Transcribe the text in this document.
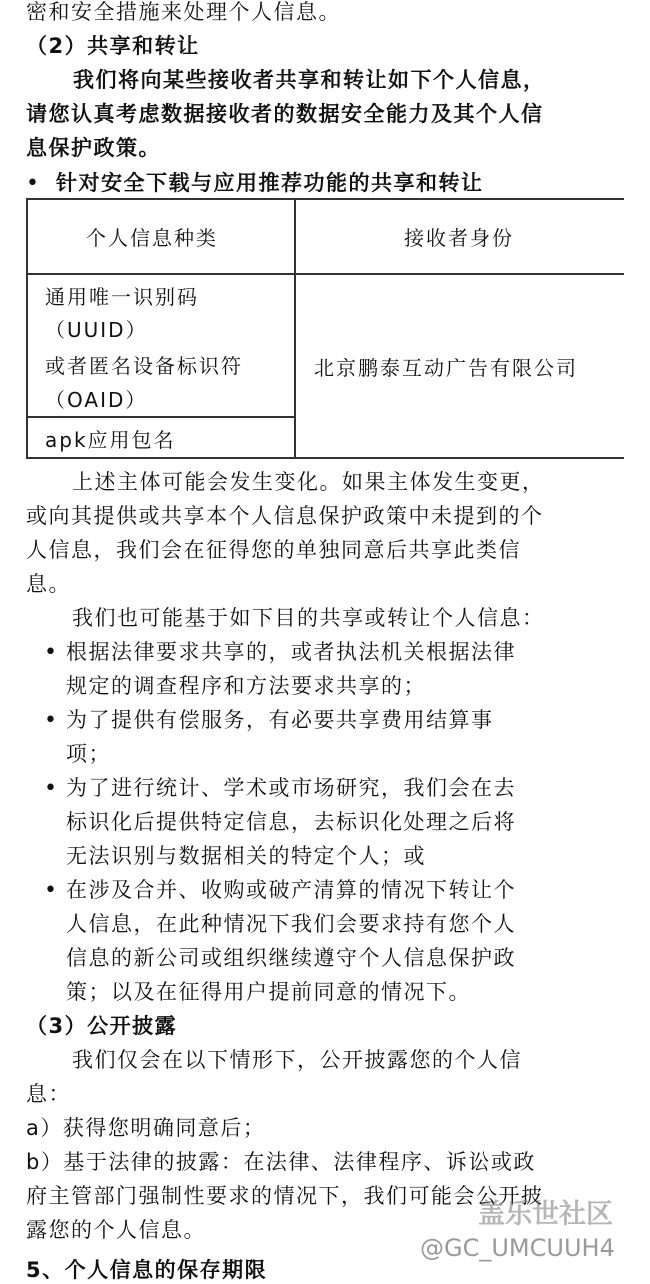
密和安全措施来处理个人信息。
（2）共享和转让
我们将向某些接收者共享和转让如下个人信息，
请您认真考虑数据接收者的数据安全能力及其个人信
息保护政策。
• 针对安全下载与应用推荐功能的共享和转让
个人信息种类	接收者身份
通用唯一识别码
（UUID）
或者匿名设备标识符
（OAID）
apk应用包名
北京鹏泰互动广告有限公司
上述主体可能会发生变化。如果主体发生变更，
或向其提供或共享本个人信息保护政策中未提到的个
人信息，我们会在征得您的单独同意后共享此类信
息。
我们也可能基于如下目的共享或转让个人信息：
• 根据法律要求共享的，或者执法机关根据法律
规定的调查程序和方法要求共享的；
• 为了提供有偿服务，有必要共享费用结算事
项；
• 为了进行统计、学术或市场研究，我们会在去
标识化后提供特定信息，去标识化处理之后将
无法识别与数据相关的特定个人；或
• 在涉及合并、收购或破产清算的情况下转让个
人信息，在此种情况下我们会要求持有您个人
信息的新公司或组织继续遵守个人信息保护政
策；以及在征得用户提前同意的情况下。
（3）公开披露
我们仅会在以下情形下，公开披露您的个人信
息：
a）获得您明确同意后；
b）基于法律的披露：在法律、法律程序、诉讼或政
府主管部门强制性要求的情况下，我们可能会公开披
露您的个人信息。
5、个人信息的保存期限
盖乐世社区
@GC_UMCUUH4
